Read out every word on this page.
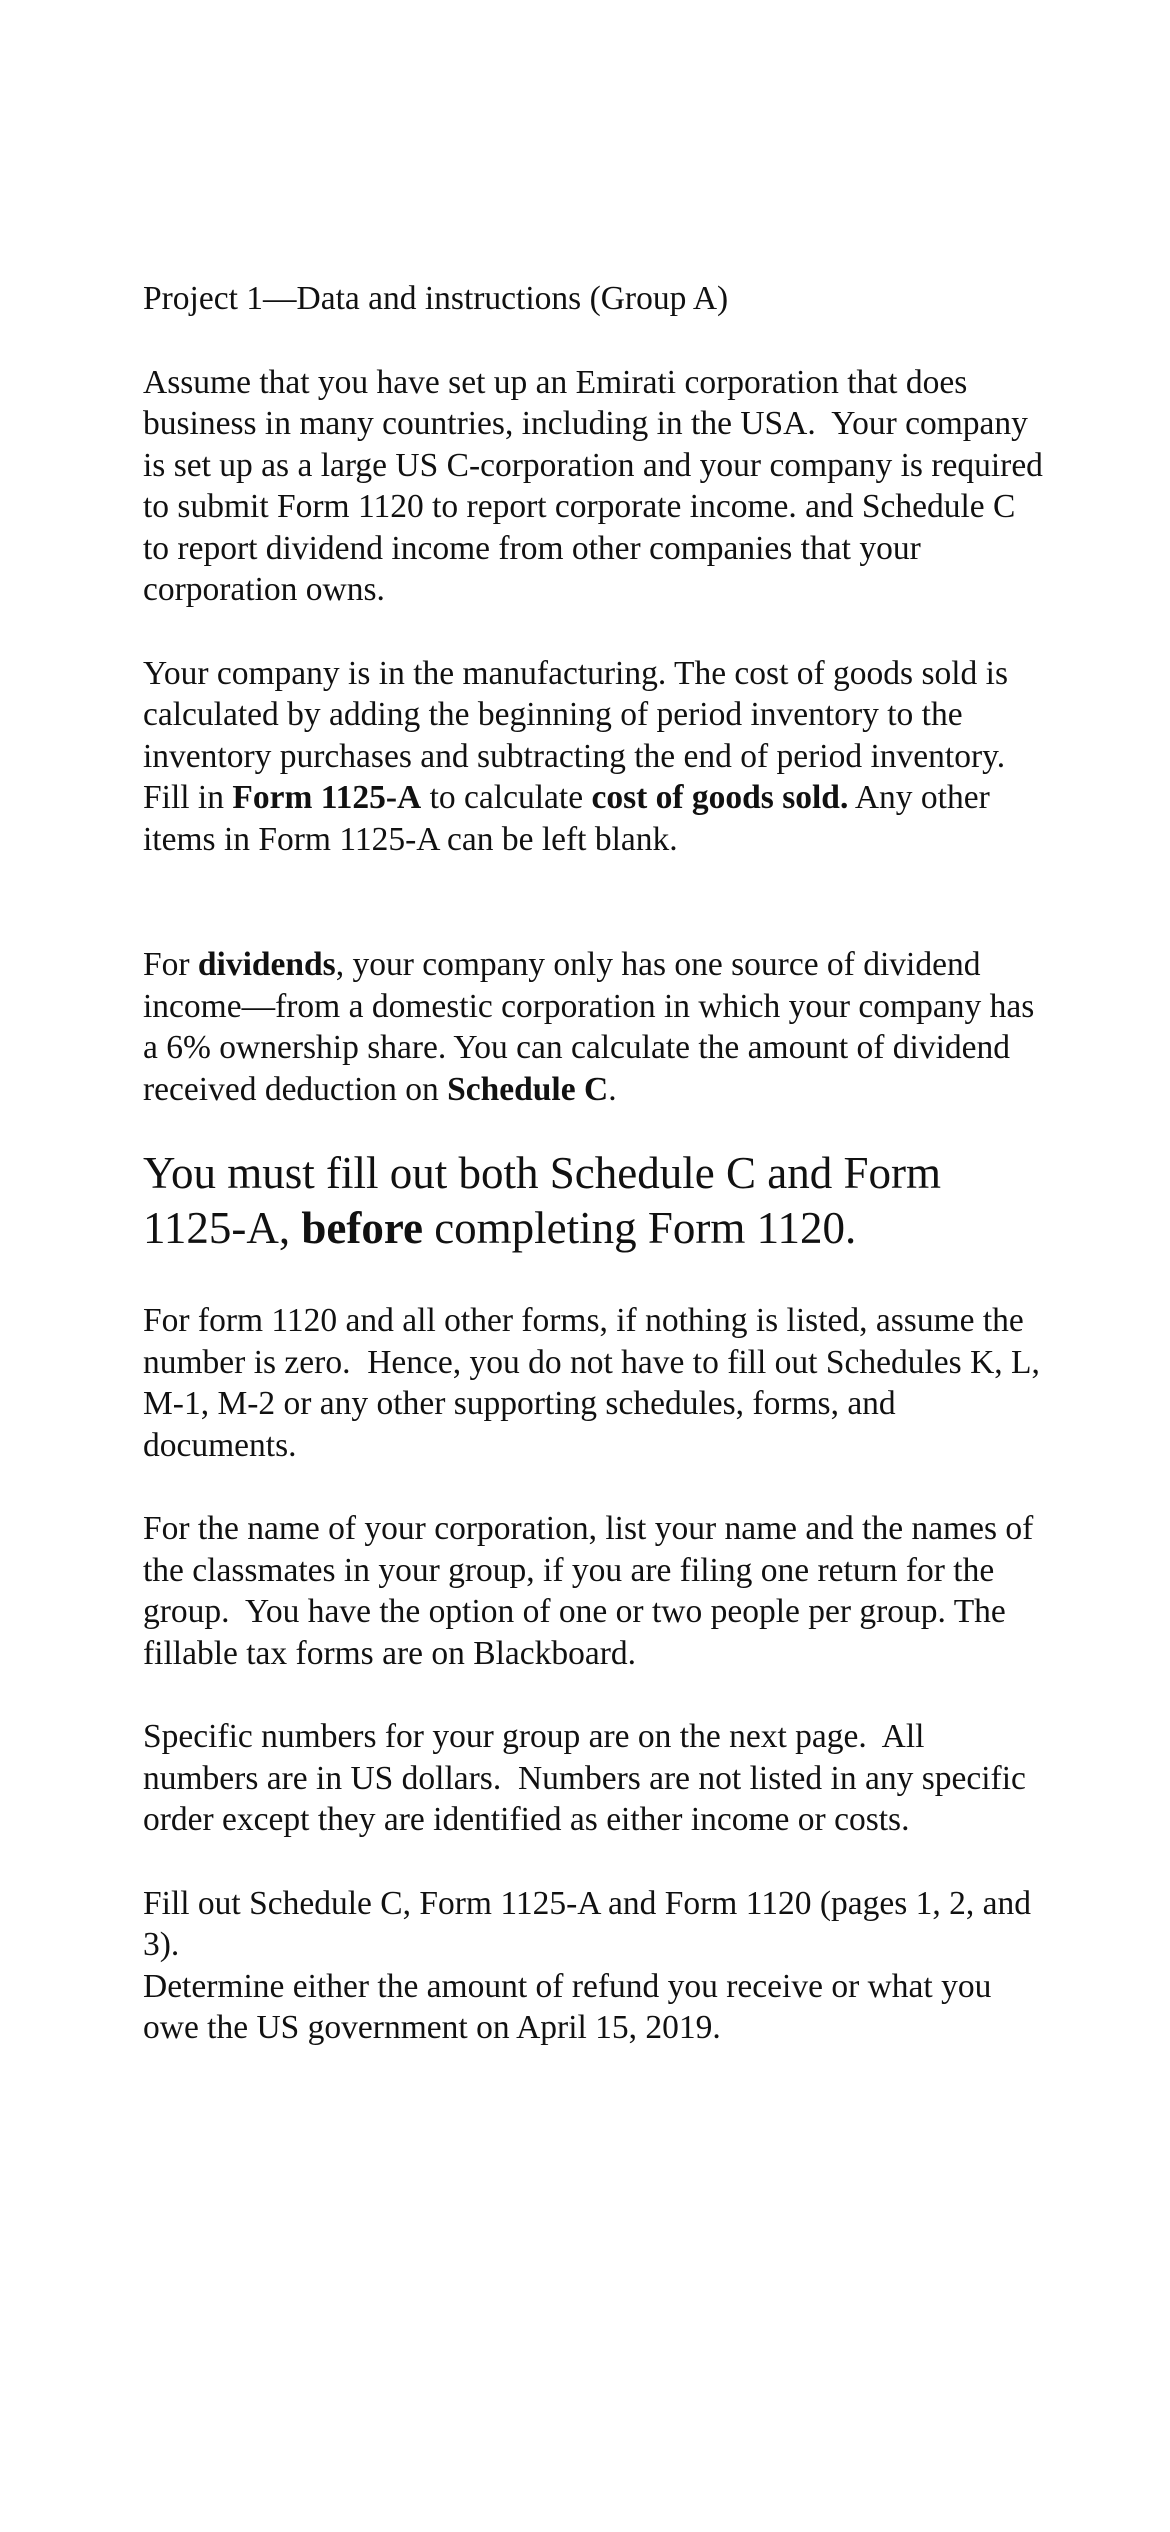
Project 1—Data and instructions (Group A)

Assume that you have set up an Emirati corporation that does business in many countries, including in the USA.  Your company is set up as a large US C-corporation and your company is required to submit Form 1120 to report corporate income. and Schedule C to report dividend income from other companies that your corporation owns.

Your company is in the manufacturing. The cost of goods sold is calculated by adding the beginning of period inventory to the inventory purchases and subtracting the end of period inventory. Fill in Form 1125-A to calculate cost of goods sold. Any other items in Form 1125-A can be left blank.

For dividends, your company only has one source of dividend income—from a domestic corporation in which your company has a 6% ownership share. You can calculate the amount of dividend received deduction on Schedule C.

You must fill out both Schedule C and Form 1125-A, before completing Form 1120.

For form 1120 and all other forms, if nothing is listed, assume the number is zero.  Hence, you do not have to fill out Schedules K, L, M-1, M-2 or any other supporting schedules, forms, and documents.

For the name of your corporation, list your name and the names of the classmates in your group, if you are filing one return for the group.  You have the option of one or two people per group. The fillable tax forms are on Blackboard.

Specific numbers for your group are on the next page.  All numbers are in US dollars.  Numbers are not listed in any specific order except they are identified as either income or costs.

Fill out Schedule C, Form 1125-A and Form 1120 (pages 1, 2, and 3).

Determine either the amount of refund you receive or what you owe the US government on April 15, 2019.
